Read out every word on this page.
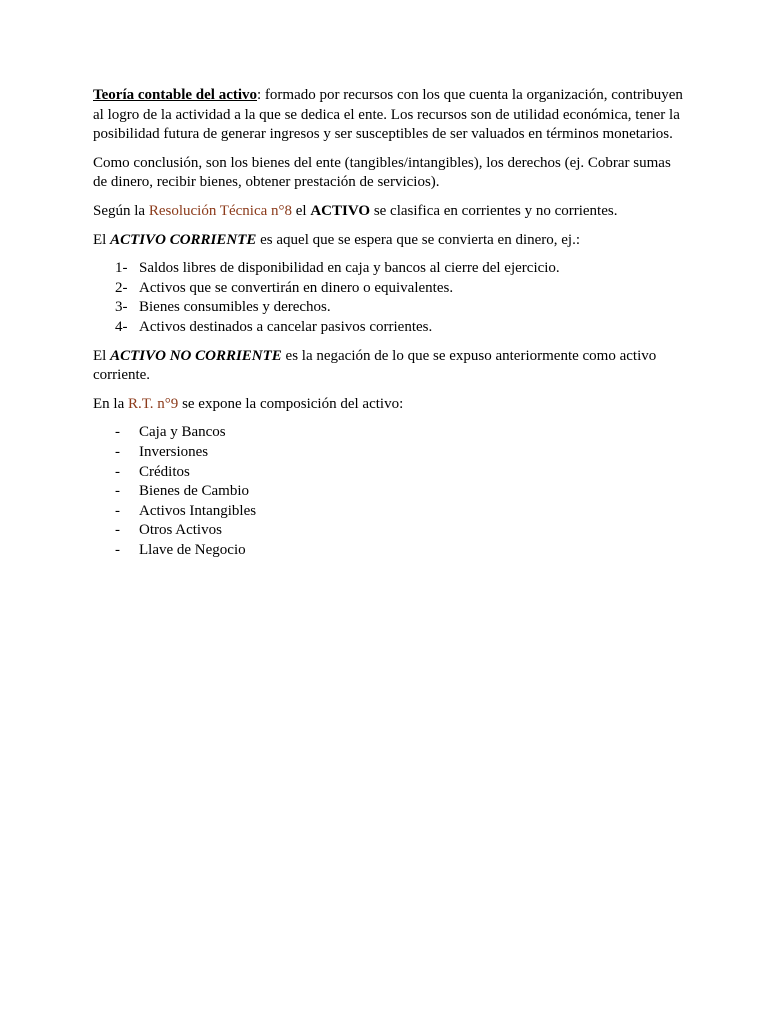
Teoría contable del activo: formado por recursos con los que cuenta la organización, contribuyen al logro de la actividad a la que se dedica el ente. Los recursos son de utilidad económica, tener la posibilidad futura de generar ingresos y ser susceptibles de ser valuados en términos monetarios.

Como conclusión, son los bienes del ente (tangibles/intangibles), los derechos (ej. Cobrar sumas de dinero, recibir bienes, obtener prestación de servicios).

Según la Resolución Técnica n°8 el ACTIVO se clasifica en corrientes y no corrientes.

El ACTIVO CORRIENTE es aquel que se espera que se convierta en dinero, ej.:

1- Saldos libres de disponibilidad en caja y bancos al cierre del ejercicio.
2- Activos que se convertirán en dinero o equivalentes.
3- Bienes consumibles y derechos.
4- Activos destinados a cancelar pasivos corrientes.

El ACTIVO NO CORRIENTE es la negación de lo que se expuso anteriormente como activo corriente.

En la R.T. n°9 se expone la composición del activo:

- Caja y Bancos
- Inversiones
- Créditos
- Bienes de Cambio
- Activos Intangibles
- Otros Activos
- Llave de Negocio
